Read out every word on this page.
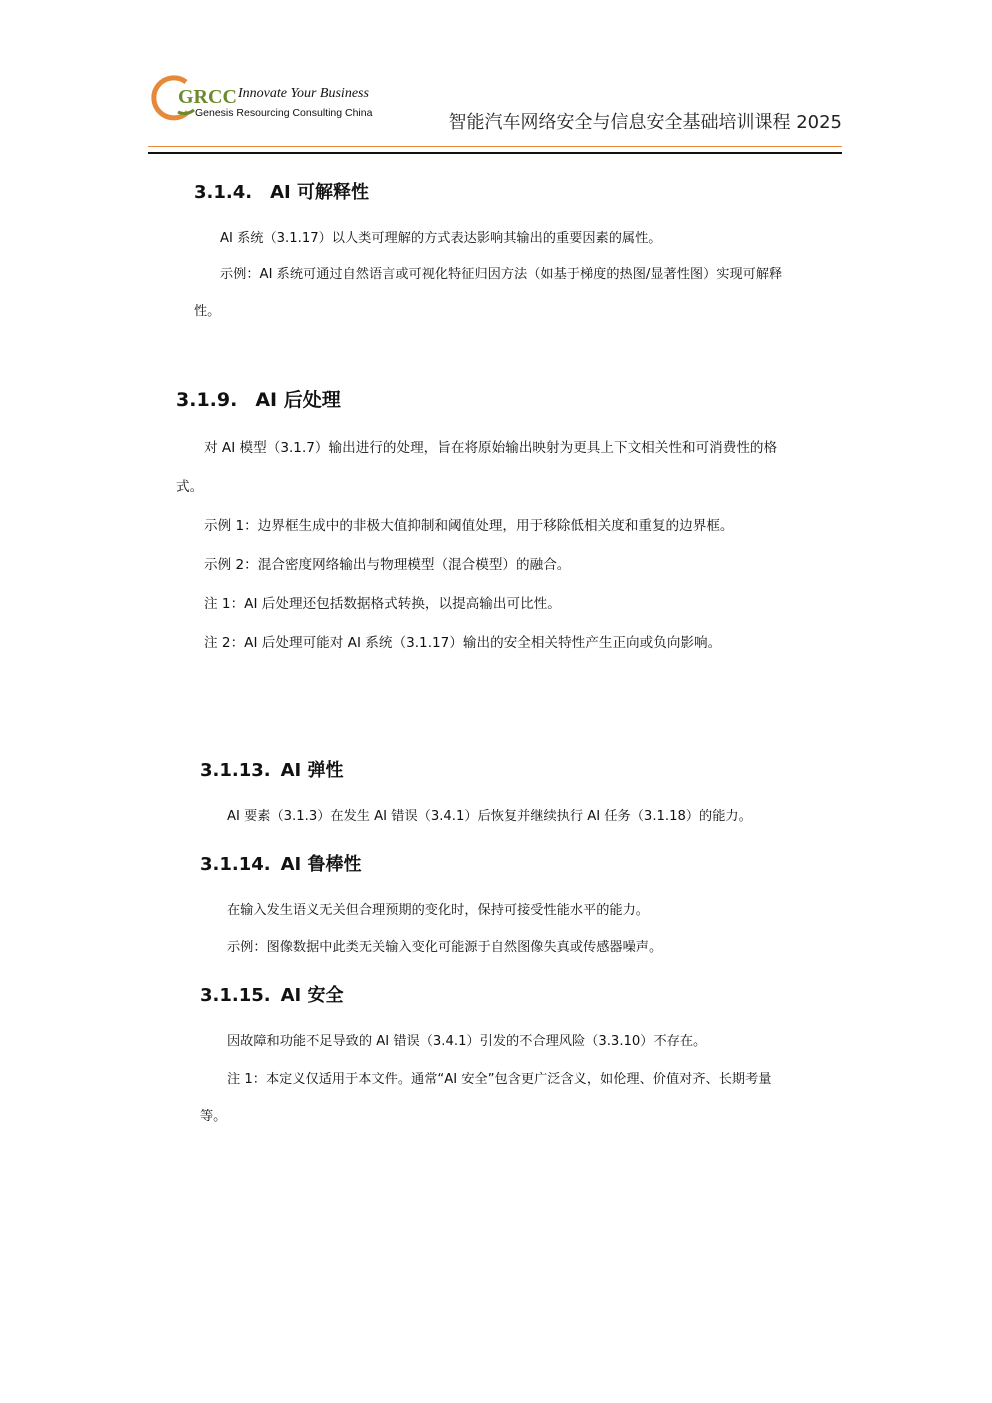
GRCC Innovate Your Business
Genesis Resourcing Consulting China	智能汽车网络安全与信息安全基础培训课程 2025
3.1.4. AI 可解释性
AI 系统（3.1.17）以人类可理解的方式表达影响其输出的重要因素的属性。
示例：AI 系统可通过自然语言或可视化特征归因方法（如基于梯度的热图/显著性图）实现可解释
性。
3.1.9. AI 后处理
对 AI 模型（3.1.7）输出进行的处理，旨在将原始输出映射为更具上下文相关性和可消费性的格
式。
示例 1：边界框生成中的非极大值抑制和阈值处理，用于移除低相关度和重复的边界框。
示例 2：混合密度网络输出与物理模型（混合模型）的融合。
注 1：AI 后处理还包括数据格式转换，以提高输出可比性。
注 2：AI 后处理可能对 AI 系统（3.1.17）输出的安全相关特性产生正向或负向影响。
3.1.13. AI 弹性
AI 要素（3.1.3）在发生 AI 错误（3.4.1）后恢复并继续执行 AI 任务（3.1.18）的能力。
3.1.14. AI 鲁棒性
在输入发生语义无关但合理预期的变化时，保持可接受性能水平的能力。
示例：图像数据中此类无关输入变化可能源于自然图像失真或传感器噪声。
3.1.15. AI 安全
因故障和功能不足导致的 AI 错误（3.4.1）引发的不合理风险（3.3.10）不存在。
注 1：本定义仅适用于本文件。通常“AI 安全”包含更广泛含义，如伦理、价值对齐、长期考量
等。
